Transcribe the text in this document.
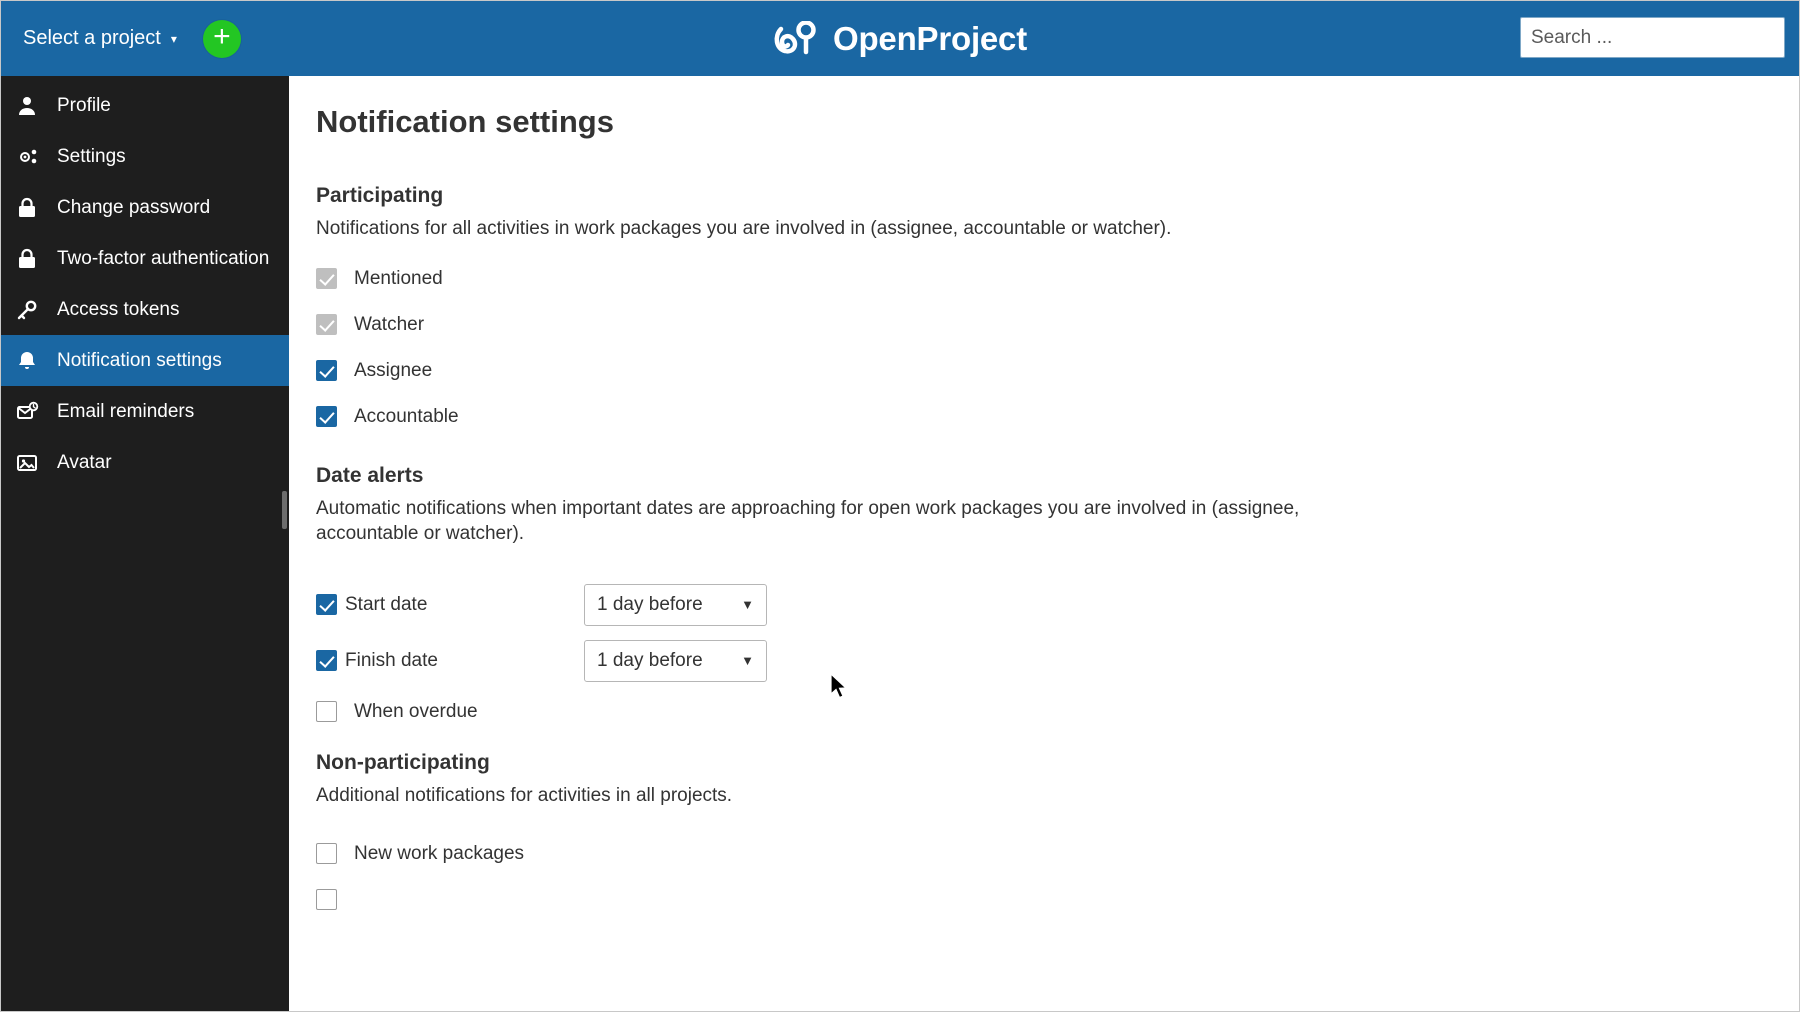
Select a project ▾ +	OpenProject
Search ...
Profile
Settings
Change password
Two-factor authentication
Access tokens
Notification settings
Email reminders
Avatar
Notification settings
Participating

Notifications for all activities in work packages you are involved in (assignee, accountable or watcher).

Mentioned
Watcher
Assignee
Accountable
Date alerts

Automatic notifications when important dates are approaching for open work packages you are involved in (assignee, accountable or watcher).

Start date	1 day before	▼
Finish date	1 day before	▼
When overdue
Non-participating

Additional notifications for activities in all projects.

New work packages
